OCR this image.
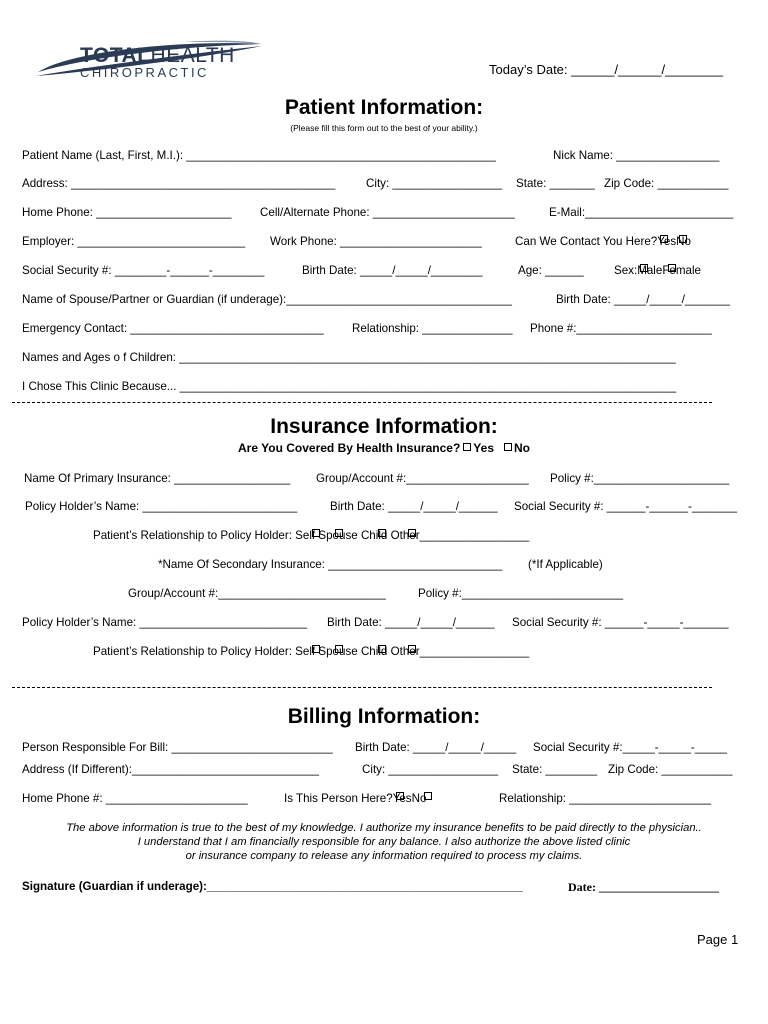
TOTALHEALTH
CHIROPRACTIC	Today’s Date: ______/______/________
Patient Information:
(Please fill this form out to the best of your ability.)
Patient Name (Last, First, M.I.): ________________________________________________	Nick Name: ________________
Address: _________________________________________	City: _________________ State: _______ Zip Code: ___________
Home Phone: _____________________ Cell/Alternate Phone: ______________________	E-Mail:_______________________
Employer: __________________________ Work Phone: ______________________	Can We Contact You Here?
Yes
No
Social Security #: ________-______-________	Birth Date: _____/_____/________	Age: ______	Sex:
Male
Female
Name of Spouse/Partner or Guardian (if underage):___________________________________	Birth Date: _____/_____/_______
Emergency Contact: ______________________________ Relationship: ______________ Phone #:_____________________
Names and Ages o f Children: _____________________________________________________________________________
I Chose This Clinic Because... _____________________________________________________________________________
Insurance Information:
Are You Covered By Health Insurance? Yes No
Name Of Primary Insurance: __________________ Group/Account #:___________________ Policy #:_____________________
Policy Holder’s Name: ________________________	Birth Date: _____/_____/______ Social Security #: ______-______-_______
Patient’s Relationship to Policy Holder: Self Spouse Child Other_________________
*Name Of Secondary Insurance: ___________________________ (*If Applicable)
Group/Account #:__________________________	Policy #:_________________________
Policy Holder’s Name: __________________________ Birth Date: _____/_____/______ Social Security #: ______-_____-_______
Patient’s Relationship to Policy Holder: Self Spouse Child Other_________________
Billing Information:
Person Responsible For Bill: _________________________ Birth Date: _____/_____/_____ Social Security #:_____-_____-_____
Address (If Different):_____________________________	City: _________________ State: ________ Zip Code: ___________
Home Phone #: ______________________	Is This Person Here?
Yes
No	Relationship: ______________________
The above information is true to the best of my knowledge. I authorize my insurance benefits to be paid directly to the physician..
I understand that I am financially responsible for any balance. I also authorize the above listed clinic
or insurance company to release any information required to process my claims.
Signature (Guardian if underage):_________________________________________________	Date: ____________________
Page 1
